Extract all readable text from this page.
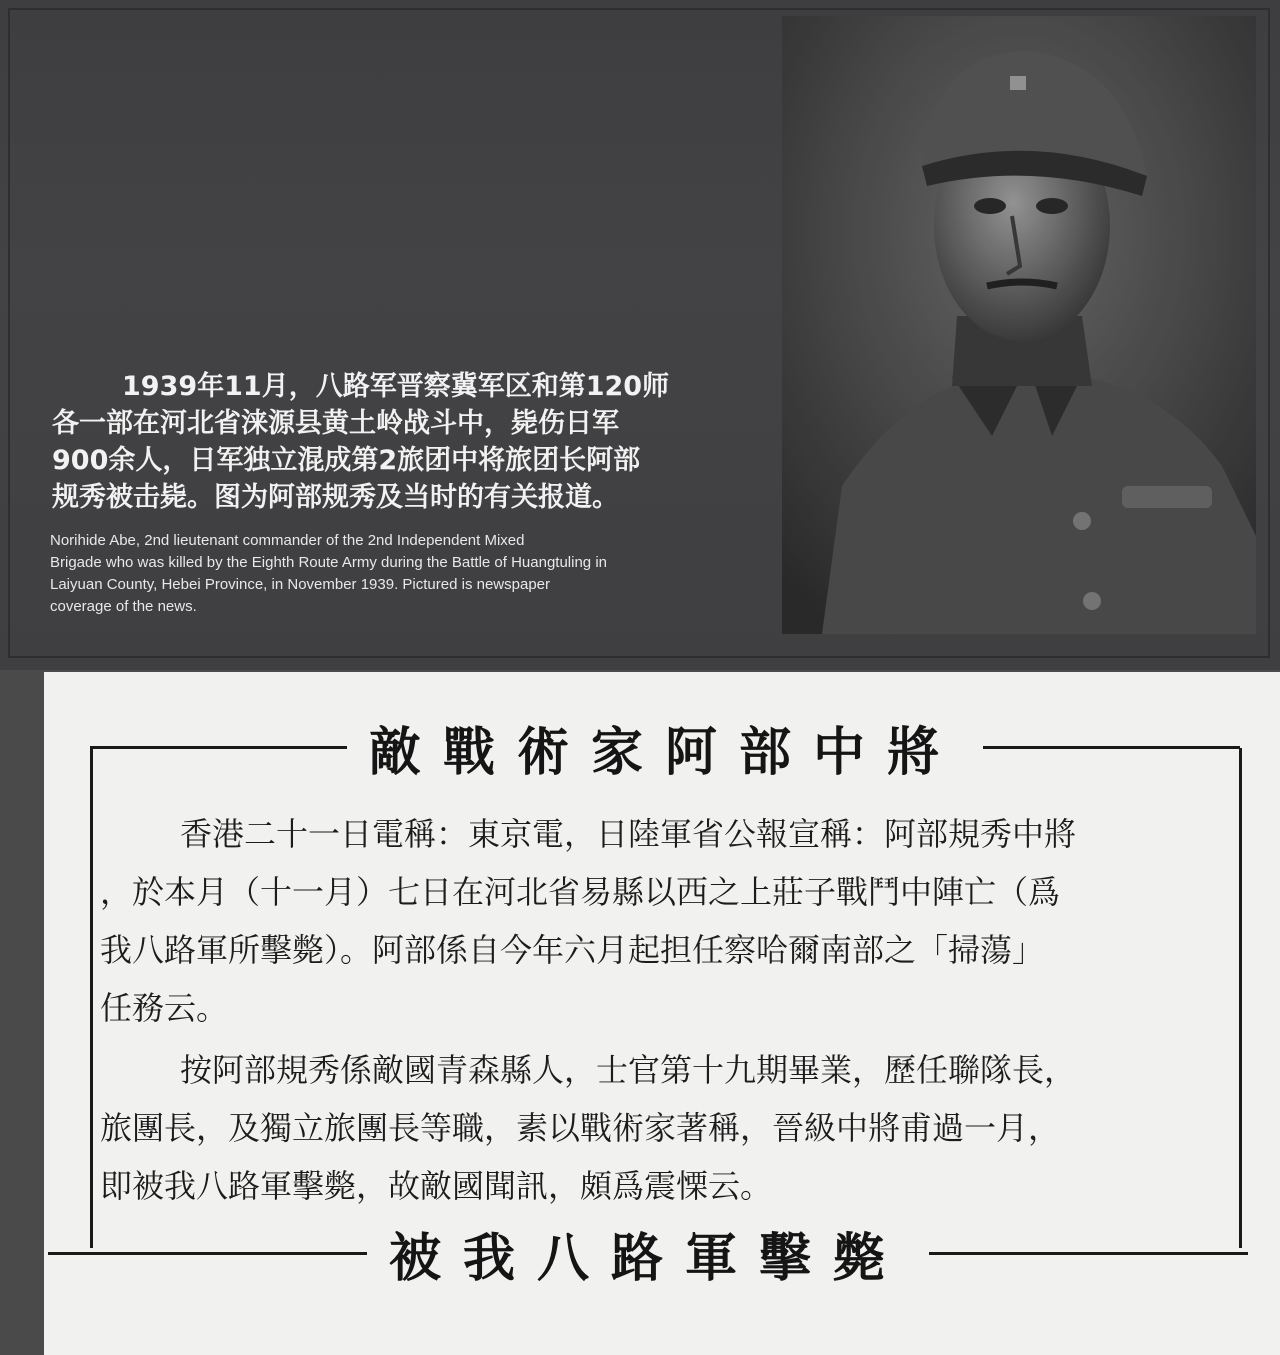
1939年11月，八路军晋察冀军区和第120师
各一部在河北省涞源县黄土岭战斗中，毙伤日军
900余人，日军独立混成第2旅团中将旅团长阿部
规秀被击毙。图为阿部规秀及当时的有关报道。
Norihide Abe, 2nd lieutenant commander of the 2nd Independent Mixed
Brigade who was killed by the Eighth Route Army during the Battle of Huangtuling in
Laiyuan County, Hebei Province, in November 1939. Pictured is newspaper
coverage of the news.
敵戰術家阿部中將
香港二十一日電稱：東京電，日陸軍省公報宣稱：阿部規秀中將
，於本月（十一月）七日在河北省易縣以西之上莊子戰鬥中陣亡（爲
我八路軍所擊斃）。阿部係自今年六月起担任察哈爾南部之「掃蕩」
任務云。
按阿部規秀係敵國青森縣人，士官第十九期畢業，歷任聯隊長，
旅團長，及獨立旅團長等職，素以戰術家著稱，晉級中將甫過一月，
即被我八路軍擊斃，故敵國聞訊，頗爲震慄云。
被我八路軍擊斃
